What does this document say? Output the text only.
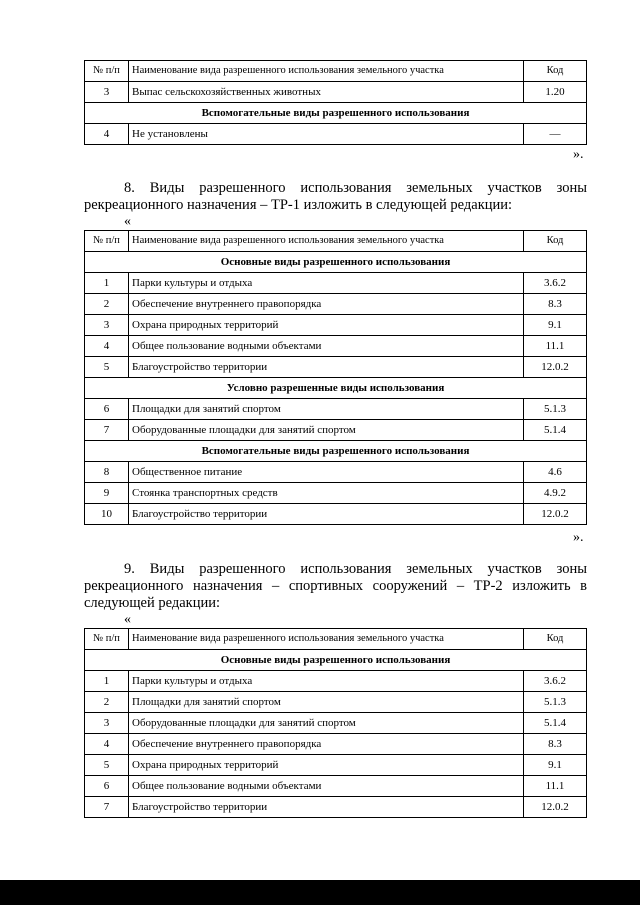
№ п/п	Наименование вида разрешенного использования земельного участка	Код
3	Выпас сельскохозяйственных животных	1.20
Вспомогательные виды разрешенного использования		
4	Не установлены	—
».
8. Виды разрешенного использования земельных участков зоны рекреационного назначения – ТР-1 изложить в следующей редакции:
«
№ п/п	Наименование вида разрешенного использования земельного участка	Код
Основные виды разрешенного использования		
1	Парки культуры и отдыха	3.6.2
2	Обеспечение внутреннего правопорядка	8.3
3	Охрана природных территорий	9.1
4	Общее пользование водными объектами	11.1
5	Благоустройство территории	12.0.2
Условно разрешенные виды использования		
6	Площадки для занятий спортом	5.1.3
7	Оборудованные площадки для занятий спортом	5.1.4
Вспомогательные виды разрешенного использования		
8	Общественное питание	4.6
9	Стоянка транспортных средств	4.9.2
10	Благоустройство территории	12.0.2
».
9. Виды разрешенного использования земельных участков зоны рекреационного назначения – спортивных сооружений – ТР-2 изложить в следующей редакции:
«
№ п/п	Наименование вида разрешенного использования земельного участка	Код
Основные виды разрешенного использования		
1	Парки культуры и отдыха	3.6.2
2	Площадки для занятий спортом	5.1.3
3	Оборудованные площадки для занятий спортом	5.1.4
4	Обеспечение внутреннего правопорядка	8.3
5	Охрана природных территорий	9.1
6	Общее пользование водными объектами	11.1
7	Благоустройство территории	12.0.2
